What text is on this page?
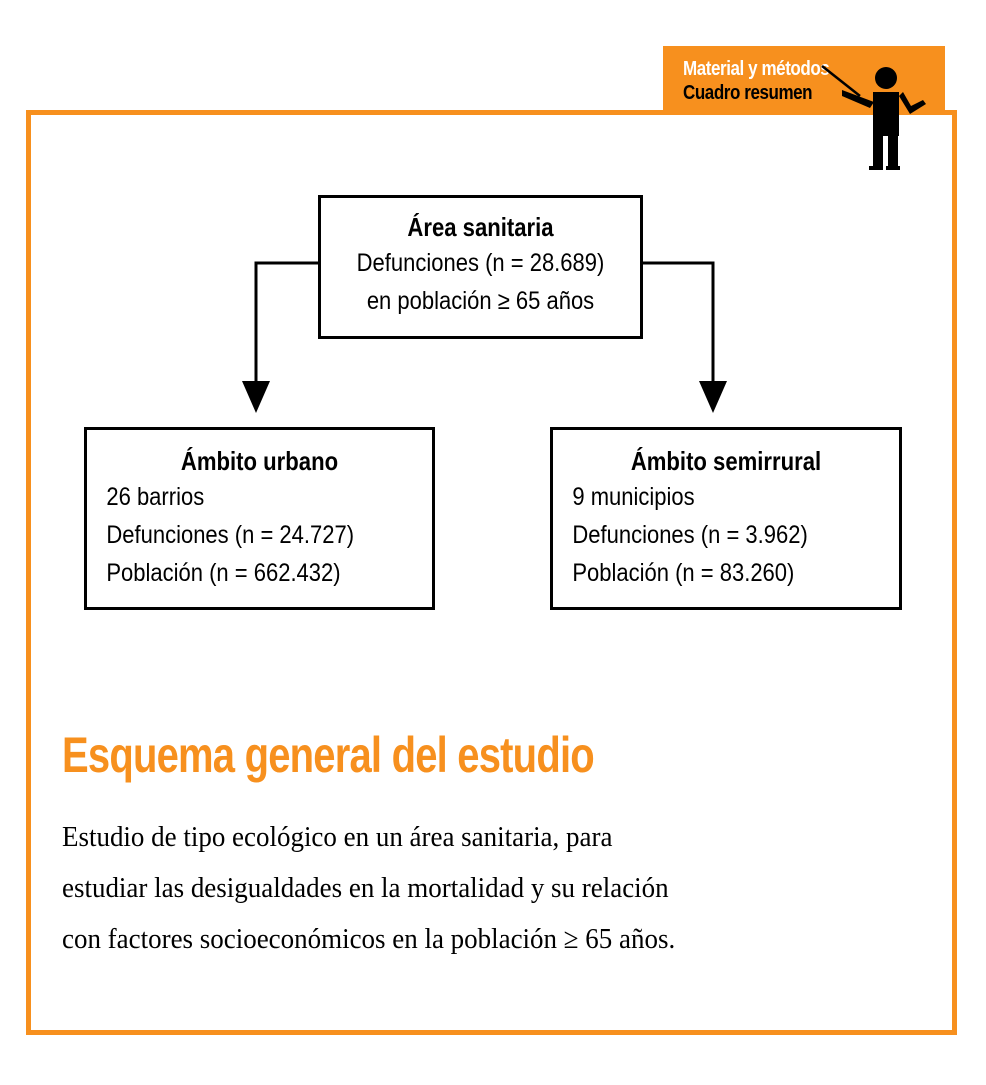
Material y métodos
Cuadro resumen
Área sanitaria
Defunciones (n = 28.689)
en población ≥ 65 años
Ámbito urbano
26 barrios
Defunciones (n = 24.727)
Población (n = 662.432)
Ámbito semirrural
9 municipios
Defunciones (n = 3.962)
Población (n = 83.260)
Esquema general del estudio
Estudio de tipo ecológico en un área sanitaria, para
estudiar las desigualdades en la mortalidad y su relación
con factores socioeconómicos en la población ≥ 65 años.
